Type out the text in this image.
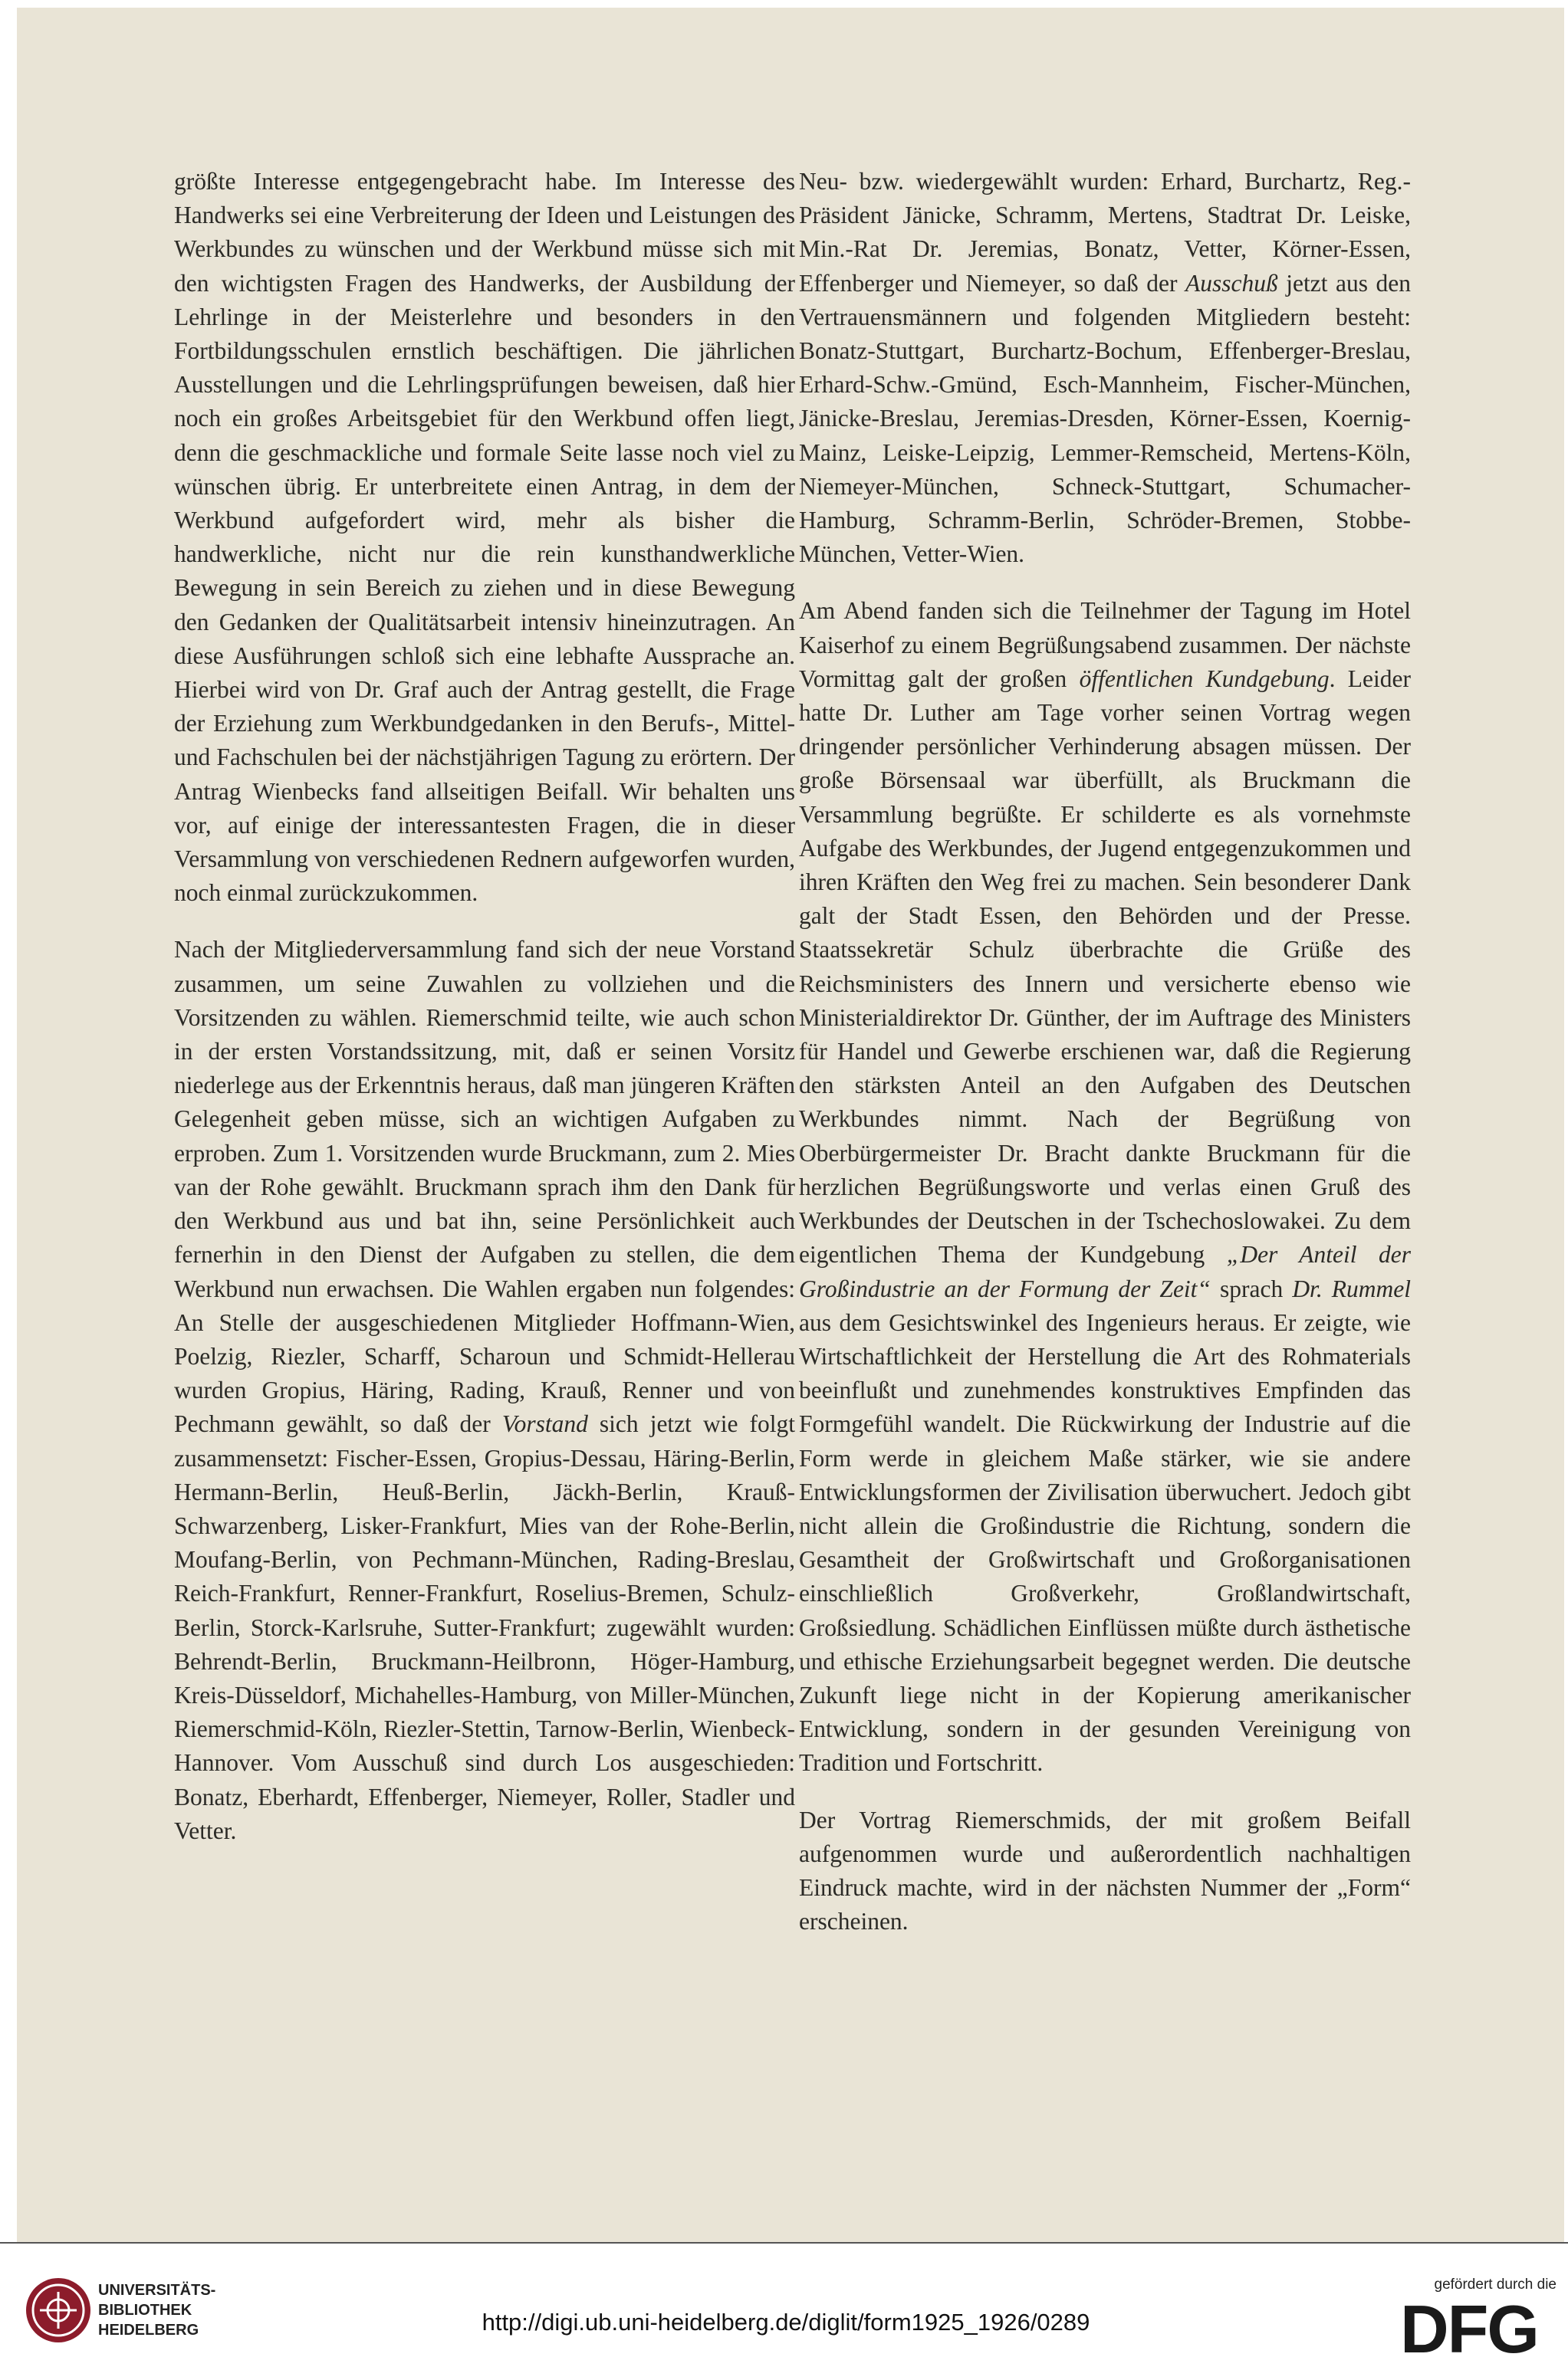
größte Interesse entgegengebracht habe. Im Interesse des Handwerks sei eine Verbreiterung der Ideen und Leistungen des Werkbundes zu wünschen und der Werkbund müsse sich mit den wichtigsten Fragen des Handwerks, der Ausbildung der Lehrlinge in der Meisterlehre und besonders in den Fortbildungsschulen ernstlich beschäftigen. Die jährlichen Ausstellungen und die Lehrlingsprüfungen beweisen, daß hier noch ein großes Arbeitsgebiet für den Werkbund offen liegt, denn die geschmackliche und formale Seite lasse noch viel zu wünschen übrig. Er unterbreitete einen Antrag, in dem der Werkbund aufgefordert wird, mehr als bisher die handwerkliche, nicht nur die rein kunsthandwerkliche Bewegung in sein Bereich zu ziehen und in diese Bewegung den Gedanken der Qualitätsarbeit intensiv hineinzutragen. An diese Ausführungen schloß sich eine lebhafte Aussprache an. Hierbei wird von Dr. Graf auch der Antrag gestellt, die Frage der Erziehung zum Werkbundgedanken in den Berufs-, Mittel- und Fachschulen bei der nächstjährigen Tagung zu erörtern. Der Antrag Wienbecks fand allseitigen Beifall. Wir behalten uns vor, auf einige der interessantesten Fragen, die in dieser Versammlung von verschiedenen Rednern aufgeworfen wurden, noch einmal zurückzukommen.

Nach der Mitgliederversammlung fand sich der neue Vorstand zusammen, um seine Zuwahlen zu vollziehen und die Vorsitzenden zu wählen. Riemerschmid teilte, wie auch schon in der ersten Vorstandssitzung, mit, daß er seinen Vorsitz niederlege aus der Erkenntnis heraus, daß man jüngeren Kräften Gelegenheit geben müsse, sich an wichtigen Aufgaben zu erproben. Zum 1. Vorsitzenden wurde Bruckmann, zum 2. Mies van der Rohe gewählt. Bruckmann sprach ihm den Dank für den Werkbund aus und bat ihn, seine Persönlichkeit auch fernerhin in den Dienst der Aufgaben zu stellen, die dem Werkbund nun erwachsen. Die Wahlen ergaben nun folgendes: An Stelle der ausgeschiedenen Mitglieder Hoffmann-Wien, Poelzig, Riezler, Scharff, Scharoun und Schmidt-Hellerau wurden Gropius, Häring, Rading, Krauß, Renner und von Pechmann gewählt, so daß der Vorstand sich jetzt wie folgt zusammensetzt: Fischer-Essen, Gropius-Dessau, Häring-Berlin, Hermann-Berlin, Heuß-Berlin, Jäckh-Berlin, Krauß-Schwarzenberg, Lisker-Frankfurt, Mies van der Rohe-Berlin, Moufang-Berlin, von Pechmann-München, Rading-Breslau, Reich-Frankfurt, Renner-Frankfurt, Roselius-Bremen, Schulz-Berlin, Storck-Karlsruhe, Sutter-Frankfurt; zugewählt wurden: Behrendt-Berlin, Bruckmann-Heilbronn, Höger-Hamburg, Kreis-Düsseldorf, Michahelles-Hamburg, von Miller-München, Riemerschmid-Köln, Riezler-Stettin, Tarnow-Berlin, Wienbeck-Hannover. Vom Ausschuß sind durch Los ausgeschieden: Bonatz, Eberhardt, Effenberger, Niemeyer, Roller, Stadler und Vetter.

Neu- bzw. wiedergewählt wurden: Erhard, Burchartz, Reg.-Präsident Jänicke, Schramm, Mertens, Stadtrat Dr. Leiske, Min.-Rat Dr. Jeremias, Bonatz, Vetter, Körner-Essen, Effenberger und Niemeyer, so daß der Ausschuß jetzt aus den Vertrauensmännern und folgenden Mitgliedern besteht: Bonatz-Stuttgart, Burchartz-Bochum, Effenberger-Breslau, Erhard-Schw.-Gmünd, Esch-Mannheim, Fischer-München, Jänicke-Breslau, Jeremias-Dresden, Körner-Essen, Koernig-Mainz, Leiske-Leipzig, Lemmer-Remscheid, Mertens-Köln, Niemeyer-München, Schneck-Stuttgart, Schumacher-Hamburg, Schramm-Berlin, Schröder-Bremen, Stobbe-München, Vetter-Wien.

Am Abend fanden sich die Teilnehmer der Tagung im Hotel Kaiserhof zu einem Begrüßungsabend zusammen. Der nächste Vormittag galt der großen öffentlichen Kundgebung. Leider hatte Dr. Luther am Tage vorher seinen Vortrag wegen dringender persönlicher Verhinderung absagen müssen. Der große Börsensaal war überfüllt, als Bruckmann die Versammlung begrüßte. Er schilderte es als vornehmste Aufgabe des Werkbundes, der Jugend entgegenzukommen und ihren Kräften den Weg frei zu machen. Sein besonderer Dank galt der Stadt Essen, den Behörden und der Presse. Staatssekretär Schulz überbrachte die Grüße des Reichsministers des Innern und versicherte ebenso wie Ministerialdirektor Dr. Günther, der im Auftrage des Ministers für Handel und Gewerbe erschienen war, daß die Regierung den stärksten Anteil an den Aufgaben des Deutschen Werkbundes nimmt. Nach der Begrüßung von Oberbürgermeister Dr. Bracht dankte Bruckmann für die herzlichen Begrüßungsworte und verlas einen Gruß des Werkbundes der Deutschen in der Tschechoslowakei. Zu dem eigentlichen Thema der Kundgebung „Der Anteil der Großindustrie an der Formung der Zeit“ sprach Dr. Rummel aus dem Gesichtswinkel des Ingenieurs heraus. Er zeigte, wie Wirtschaftlichkeit der Herstellung die Art des Rohmaterials beeinflußt und zunehmendes konstruktives Empfinden das Formgefühl wandelt. Die Rückwirkung der Industrie auf die Form werde in gleichem Maße stärker, wie sie andere Entwicklungsformen der Zivilisation überwuchert. Jedoch gibt nicht allein die Großindustrie die Richtung, sondern die Gesamtheit der Großwirtschaft und Großorganisationen einschließlich Großverkehr, Großlandwirtschaft, Großsiedlung. Schädlichen Einflüssen müßte durch ästhetische und ethische Erziehungsarbeit begegnet werden. Die deutsche Zukunft liege nicht in der Kopierung amerikanischer Entwicklung, sondern in der gesunden Vereinigung von Tradition und Fortschritt.

Der Vortrag Riemerschmids, der mit großem Beifall aufgenommen wurde und außerordentlich nachhaltigen Eindruck machte, wird in der nächsten Nummer der „Form“ erscheinen.

UNIVERSITÄTS-
BIBLIOTHEK
HEIDELBERG	http://digi.ub.uni-heidelberg.de/diglit/form1925_1926/0289
gefördert durch die
DFG
